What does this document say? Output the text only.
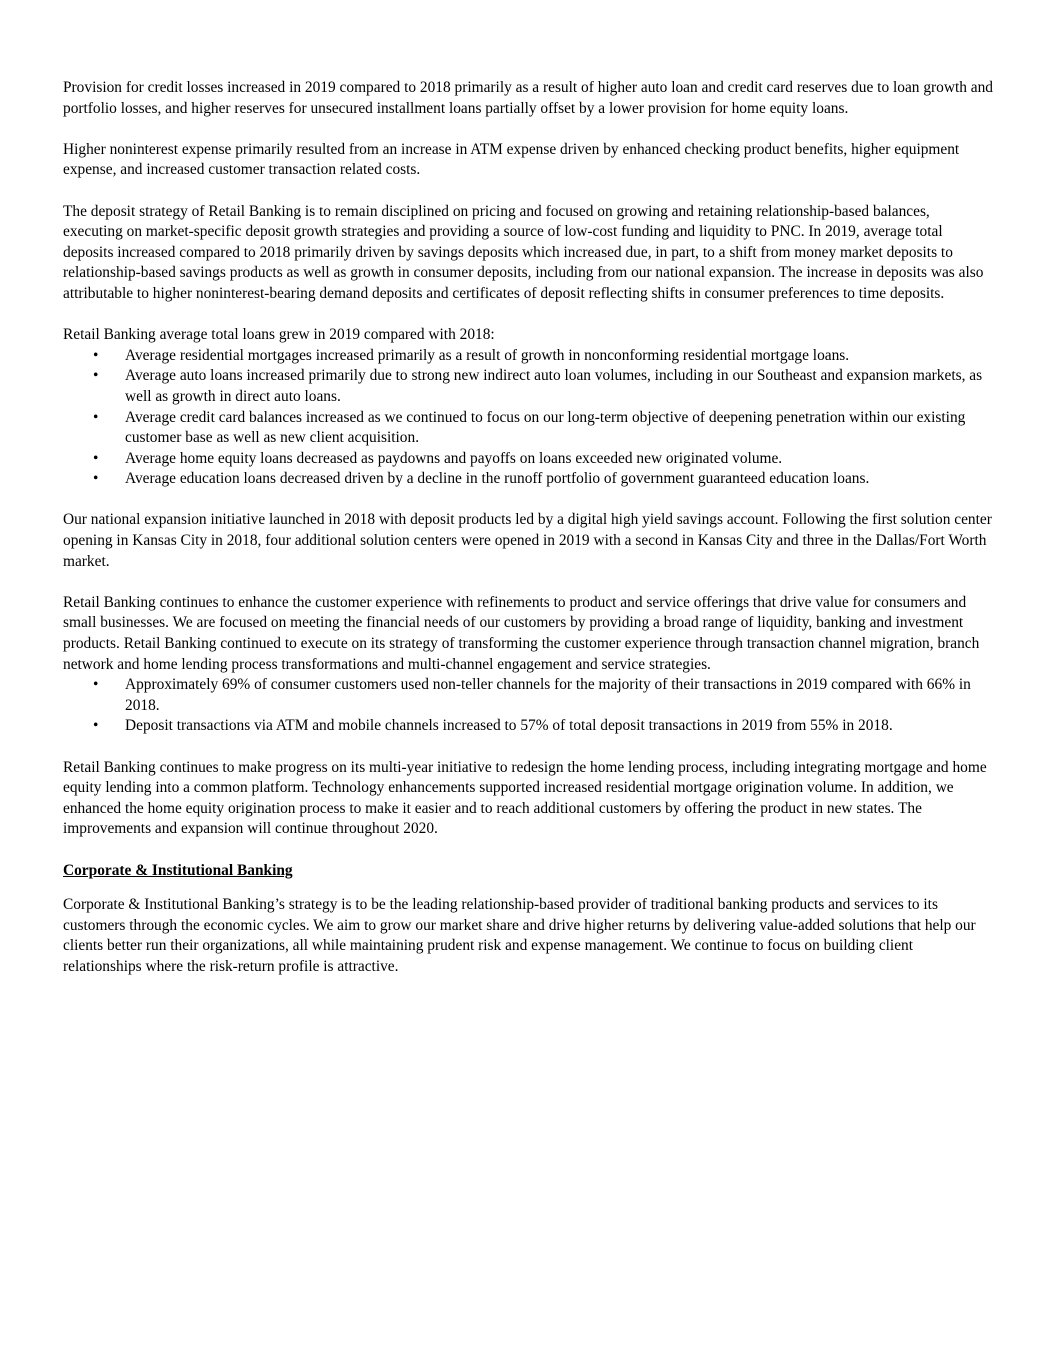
Provision for credit losses increased in 2019 compared to 2018 primarily as a result of higher auto loan and credit card reserves due to loan growth and portfolio losses, and higher reserves for unsecured installment loans partially offset by a lower provision for home equity loans.

Higher noninterest expense primarily resulted from an increase in ATM expense driven by enhanced checking product benefits, higher equipment expense, and increased customer transaction related costs.

The deposit strategy of Retail Banking is to remain disciplined on pricing and focused on growing and retaining relationship-based balances, executing on market-specific deposit growth strategies and providing a source of low-cost funding and liquidity to PNC. In 2019, average total deposits increased compared to 2018 primarily driven by savings deposits which increased due, in part, to a shift from money market deposits to relationship-based savings products as well as growth in consumer deposits, including from our national expansion. The increase in deposits was also attributable to higher noninterest-bearing demand deposits and certificates of deposit reflecting shifts in consumer preferences to time deposits.

Retail Banking average total loans grew in 2019 compared with 2018:

• Average residential mortgages increased primarily as a result of growth in nonconforming residential mortgage loans.
• Average auto loans increased primarily due to strong new indirect auto loan volumes, including in our Southeast and expansion markets, as well as growth in direct auto loans.
• Average credit card balances increased as we continued to focus on our long-term objective of deepening penetration within our existing customer base as well as new client acquisition.
• Average home equity loans decreased as paydowns and payoffs on loans exceeded new originated volume.
• Average education loans decreased driven by a decline in the runoff portfolio of government guaranteed education loans.

Our national expansion initiative launched in 2018 with deposit products led by a digital high yield savings account. Following the first solution center opening in Kansas City in 2018, four additional solution centers were opened in 2019 with a second in Kansas City and three in the Dallas/Fort Worth market.

Retail Banking continues to enhance the customer experience with refinements to product and service offerings that drive value for consumers and small businesses. We are focused on meeting the financial needs of our customers by providing a broad range of liquidity, banking and investment products. Retail Banking continued to execute on its strategy of transforming the customer experience through transaction channel migration, branch network and home lending process transformations and multi-channel engagement and service strategies.

• Approximately 69% of consumer customers used non-teller channels for the majority of their transactions in 2019 compared with 66% in 2018.
• Deposit transactions via ATM and mobile channels increased to 57% of total deposit transactions in 2019 from 55% in 2018.

Retail Banking continues to make progress on its multi-year initiative to redesign the home lending process, including integrating mortgage and home equity lending into a common platform. Technology enhancements supported increased residential mortgage origination volume. In addition, we enhanced the home equity origination process to make it easier and to reach additional customers by offering the product in new states. The improvements and expansion will continue throughout 2020.

Corporate & Institutional Banking

Corporate & Institutional Banking’s strategy is to be the leading relationship-based provider of traditional banking products and services to its customers through the economic cycles. We aim to grow our market share and drive higher returns by delivering value-added solutions that help our clients better run their organizations, all while maintaining prudent risk and expense management. We continue to focus on building client relationships where the risk-return profile is attractive.
